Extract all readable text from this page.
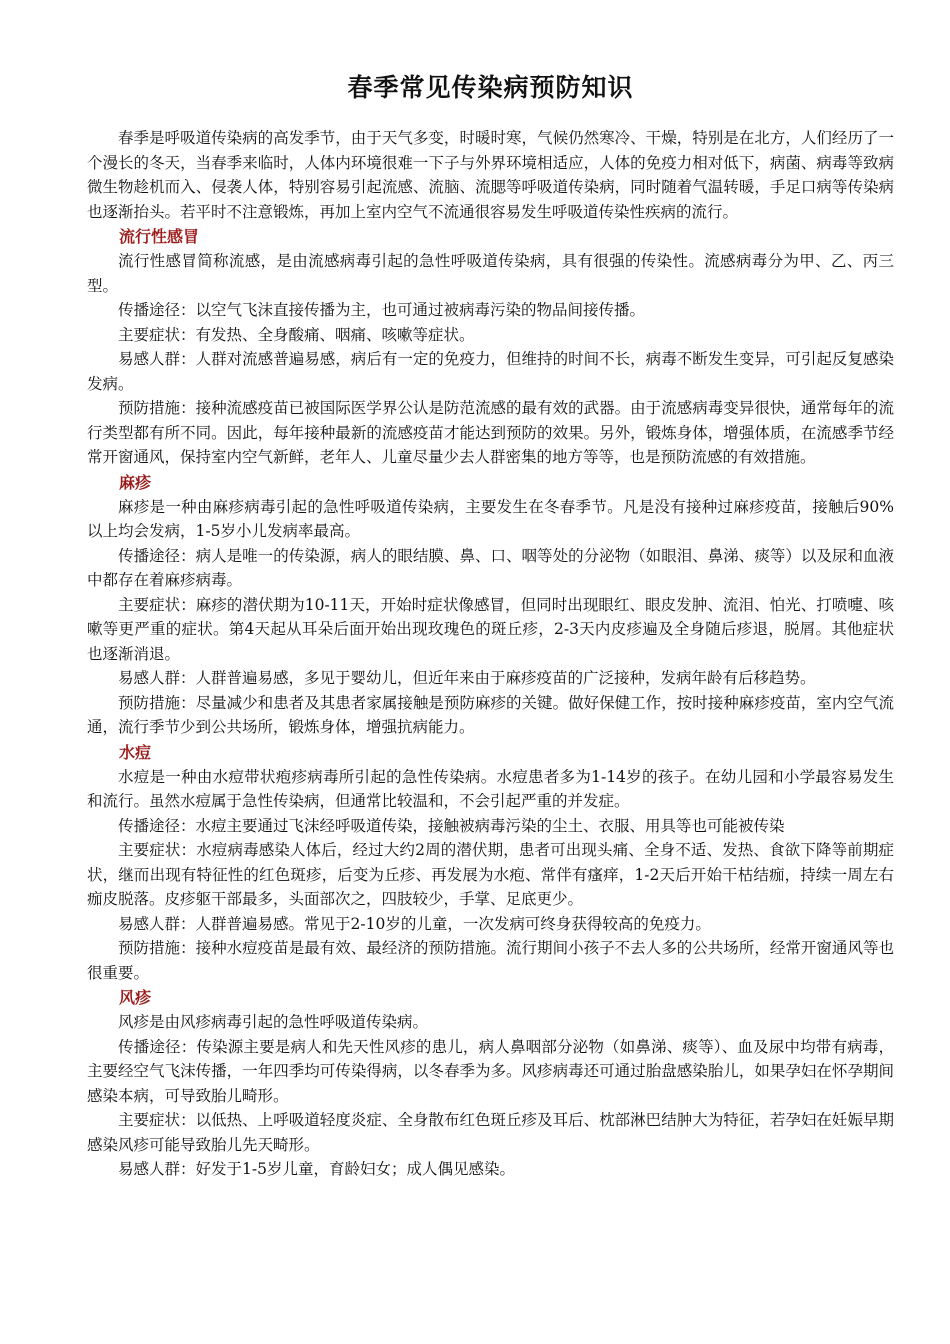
春季常见传染病预防知识

春季是呼吸道传染病的高发季节，由于天气多变，时暖时寒，气候仍然寒冷、干燥，特别是在北方，人们经历了一个漫长的冬天，当春季来临时，人体内环境很难一下子与外界环境相适应，人体的免疫力相对低下，病菌、病毒等致病微生物趁机而入、侵袭人体，特别容易引起流感、流脑、流腮等呼吸道传染病，同时随着气温转暖，手足口病等传染病也逐渐抬头。若平时不注意锻炼，再加上室内空气不流通很容易发生呼吸道传染性疾病的流行。

流行性感冒

流行性感冒简称流感，是由流感病毒引起的急性呼吸道传染病，具有很强的传染性。流感病毒分为甲、乙、丙三型。

传播途径：以空气飞沫直接传播为主，也可通过被病毒污染的物品间接传播。

主要症状：有发热、全身酸痛、咽痛、咳嗽等症状。

易感人群：人群对流感普遍易感，病后有一定的免疫力，但维持的时间不长，病毒不断发生变异，可引起反复感染发病。

预防措施：接种流感疫苗已被国际医学界公认是防范流感的最有效的武器。由于流感病毒变异很快，通常每年的流行类型都有所不同。因此，每年接种最新的流感疫苗才能达到预防的效果。另外，锻炼身体，增强体质，在流感季节经常开窗通风，保持室内空气新鲜，老年人、儿童尽量少去人群密集的地方等等，也是预防流感的有效措施。

麻疹

麻疹是一种由麻疹病毒引起的急性呼吸道传染病，主要发生在冬春季节。凡是没有接种过麻疹疫苗，接触后90%以上均会发病，1-5岁小儿发病率最高。

传播途径：病人是唯一的传染源，病人的眼结膜、鼻、口、咽等处的分泌物（如眼泪、鼻涕、痰等）以及尿和血液中都存在着麻疹病毒。

主要症状：麻疹的潜伏期为10-11天，开始时症状像感冒，但同时出现眼红、眼皮发肿、流泪、怕光、打喷嚏、咳嗽等更严重的症状。第4天起从耳朵后面开始出现玫瑰色的斑丘疹，2-3天内皮疹遍及全身随后疹退，脱屑。其他症状也逐渐消退。

易感人群：人群普遍易感，多见于婴幼儿，但近年来由于麻疹疫苗的广泛接种，发病年龄有后移趋势。

预防措施：尽量减少和患者及其患者家属接触是预防麻疹的关键。做好保健工作，按时接种麻疹疫苗，室内空气流通，流行季节少到公共场所，锻炼身体，增强抗病能力。

水痘

水痘是一种由水痘带状疱疹病毒所引起的急性传染病。水痘患者多为1-14岁的孩子。在幼儿园和小学最容易发生和流行。虽然水痘属于急性传染病，但通常比较温和，不会引起严重的并发症。

传播途径：水痘主要通过飞沫经呼吸道传染，接触被病毒污染的尘土、衣服、用具等也可能被传染

主要症状：水痘病毒感染人体后，经过大约2周的潜伏期，患者可出现头痛、全身不适、发热、食欲下降等前期症状，继而出现有特征性的红色斑疹，后变为丘疹、再发展为水疱、常伴有瘙痒，1-2天后开始干枯结痂，持续一周左右痂皮脱落。皮疹躯干部最多，头面部次之，四肢较少，手掌、足底更少。

易感人群：人群普遍易感。常见于2-10岁的儿童，一次发病可终身获得较高的免疫力。

预防措施：接种水痘疫苗是最有效、最经济的预防措施。流行期间小孩子不去人多的公共场所，经常开窗通风等也很重要。

风疹

风疹是由风疹病毒引起的急性呼吸道传染病。

传播途径：传染源主要是病人和先天性风疹的患儿，病人鼻咽部分泌物（如鼻涕、痰等）、血及尿中均带有病毒，主要经空气飞沫传播，一年四季均可传染得病，以冬春季为多。风疹病毒还可通过胎盘感染胎儿，如果孕妇在怀孕期间感染本病，可导致胎儿畸形。

主要症状：以低热、上呼吸道轻度炎症、全身散布红色斑丘疹及耳后、枕部淋巴结肿大为特征，若孕妇在妊娠早期感染风疹可能导致胎儿先天畸形。

易感人群：好发于1-5岁儿童，育龄妇女；成人偶见感染。
